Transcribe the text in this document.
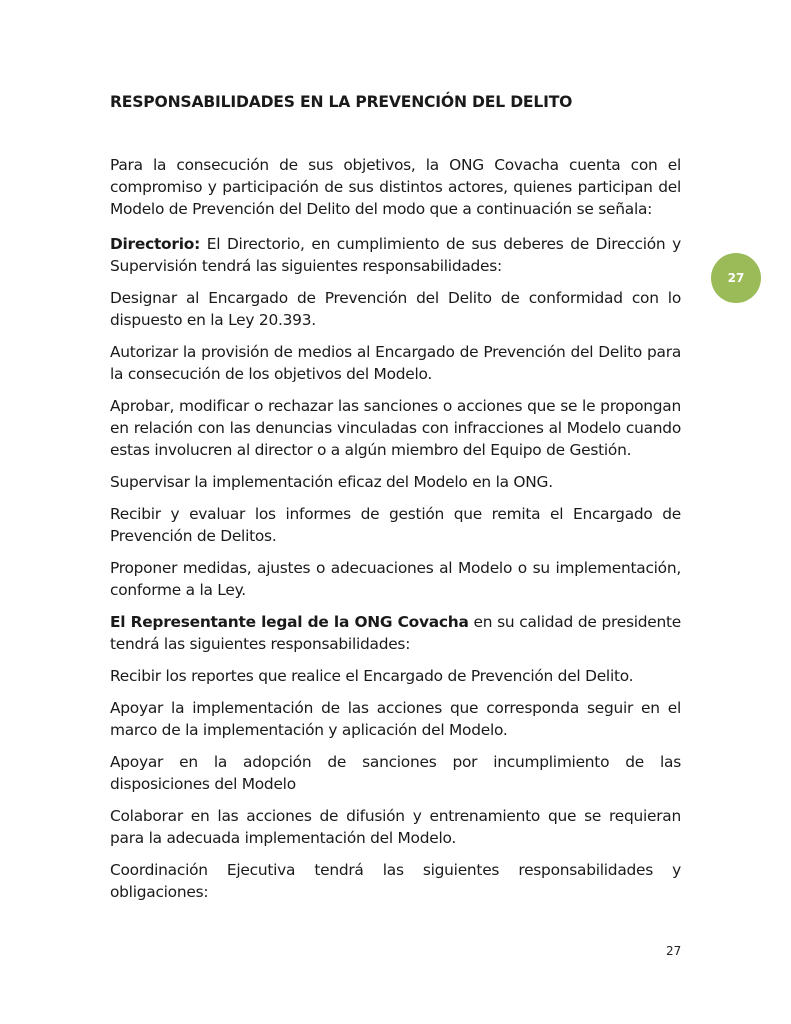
RESPONSABILIDADES EN LA PREVENCIÓN DEL DELITO

Para la consecución de sus objetivos, la ONG Covacha cuenta con el compromiso y participación de sus distintos actores, quienes participan del Modelo de Prevención del Delito del modo que a continuación se señala:

Directorio: El Directorio, en cumplimiento de sus deberes de Dirección y Supervisión tendrá las siguientes responsabilidades:

Designar al Encargado de Prevención del Delito de conformidad con lo dispuesto en la Ley 20.393.

Autorizar la provisión de medios al Encargado de Prevención del Delito para la consecución de los objetivos del Modelo.

Aprobar, modificar o rechazar las sanciones o acciones que se le propongan en relación con las denuncias vinculadas con infracciones al Modelo cuando estas involucren al director o a algún miembro del Equipo de Gestión.

Supervisar la implementación eficaz del Modelo en la ONG.

Recibir y evaluar los informes de gestión que remita el Encargado de Prevención de Delitos.

Proponer medidas, ajustes o adecuaciones al Modelo o su implementación, conforme a la Ley.

El Representante legal de la ONG Covacha en su calidad de presidente tendrá las siguientes responsabilidades:

Recibir los reportes que realice el Encargado de Prevención del Delito.

Apoyar la implementación de las acciones que corresponda seguir en el marco de la implementación y aplicación del Modelo.

Apoyar en la adopción de sanciones por incumplimiento de las disposiciones del Modelo

Colaborar en las acciones de difusión y entrenamiento que se requieran para la adecuada implementación del Modelo.

Coordinación Ejecutiva tendrá las siguientes responsabilidades y obligaciones:

27
27
